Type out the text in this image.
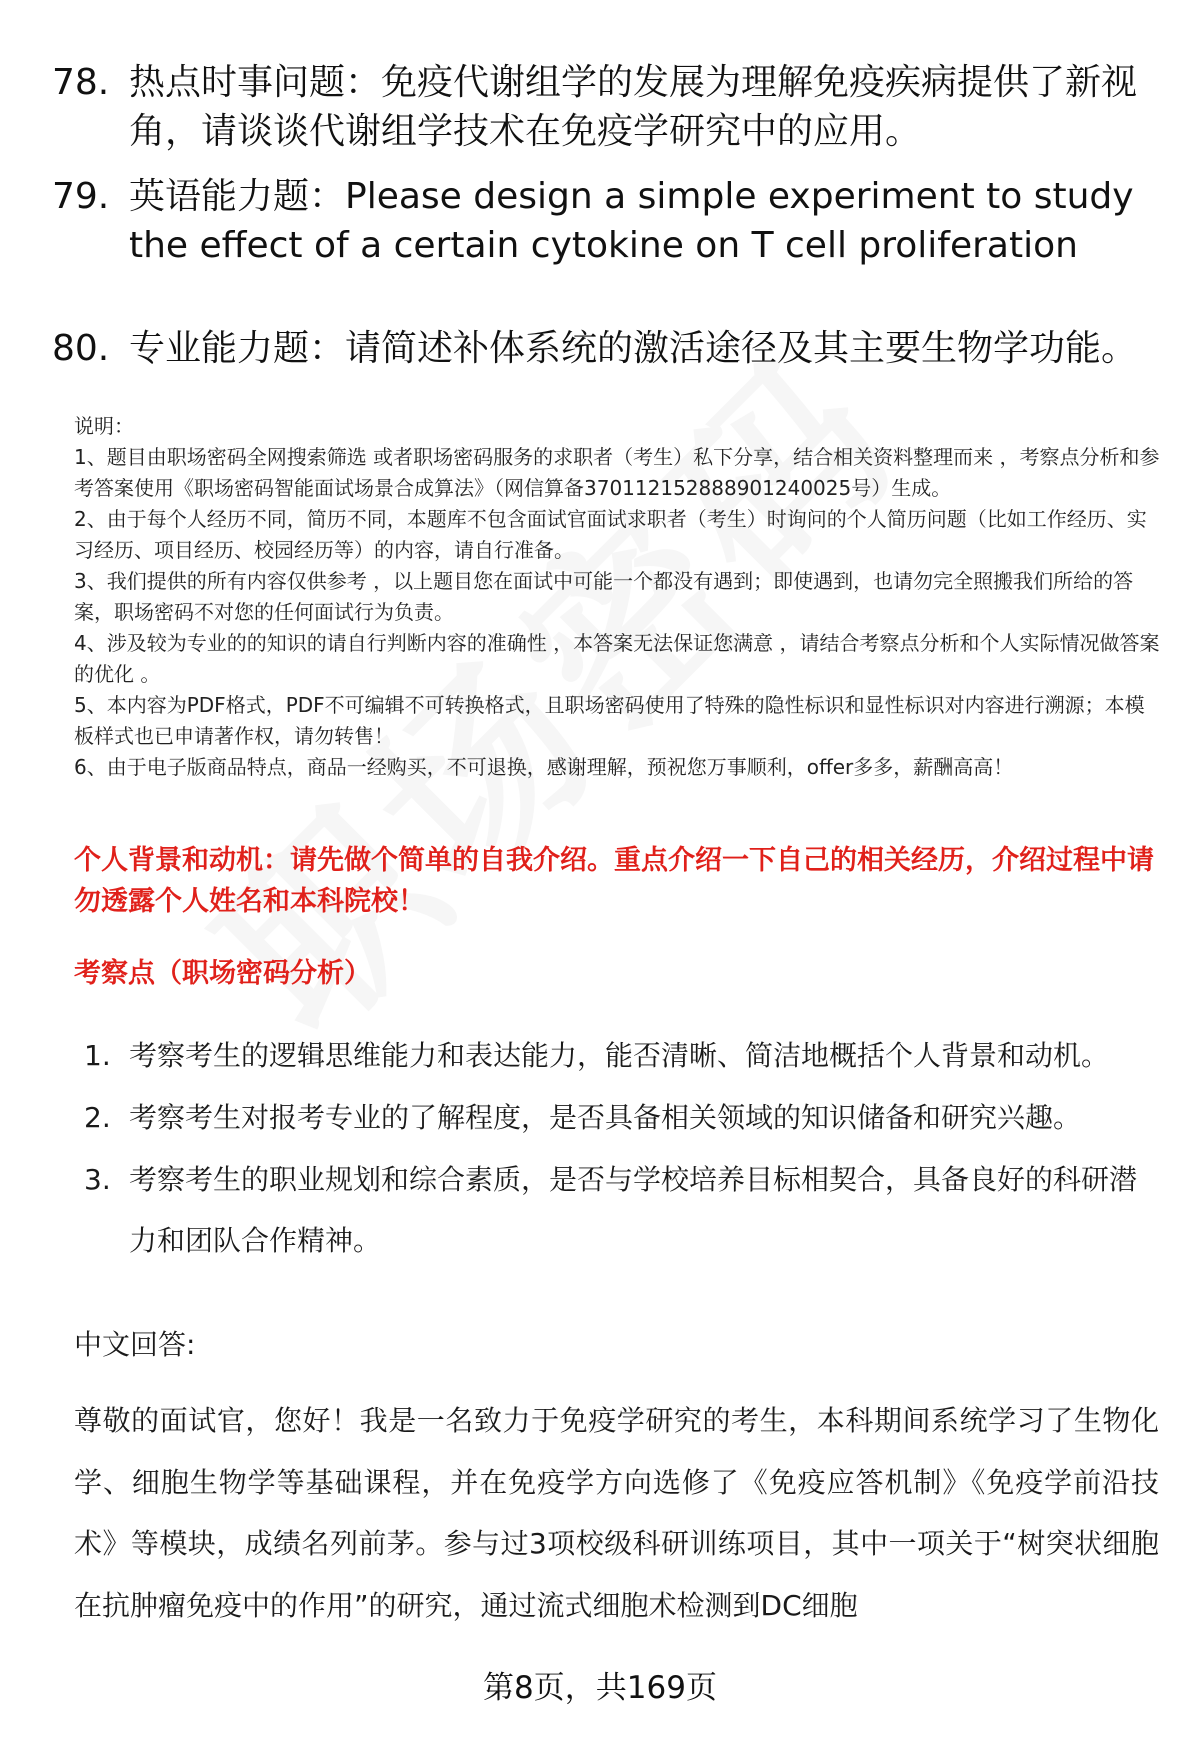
78. 热点时事问题：免疫代谢组学的发展为理解免疫疾病提供了新视角，请谈谈代谢组学技术在免疫学研究中的应用。
79. 英语能力题：Please design a simple experiment to study the effect of a certain cytokine on T cell proliferation
80. 专业能力题：请简述补体系统的激活途径及其主要生物学功能。

说明：

1、题目由职场密码全网搜索筛选 或者职场密码服务的求职者（考生）私下分享，结合相关资料整理而来 ，考察点分析和参考答案使用《职场密码智能面试场景合成算法》（网信算备370112152888901240025号）生成。

2、由于每个人经历不同，简历不同，本题库不包含面试官面试求职者（考生）时询问的个人简历问题（比如工作经历、实习经历、项目经历、校园经历等）的内容，请自行准备。

3、我们提供的所有内容仅供参考 ，以上题目您在面试中可能一个都没有遇到；即使遇到，也请勿完全照搬我们所给的答案，职场密码不对您的任何面试行为负责。

4、涉及较为专业的的知识的请自行判断内容的准确性 ，本答案无法保证您满意 ，请结合考察点分析和个人实际情况做答案的优化 。

5、本内容为PDF格式，PDF不可编辑不可转换格式，且职场密码使用了特殊的隐性标识和显性标识对内容进行溯源；本模板样式也已申请著作权，请勿转售！

6、由于电子版商品特点，商品一经购买，不可退换，感谢理解，预祝您万事顺利，offer多多，薪酬高高！

个人背景和动机：请先做个简单的自我介绍。重点介绍一下自己的相关经历，介绍过程中请勿透露个人姓名和本科院校！
考察点（职场密码分析）
1. 考察考生的逻辑思维能力和表达能力，能否清晰、简洁地概括个人背景和动机。
2. 考察考生对报考专业的了解程度，是否具备相关领域的知识储备和研究兴趣。
3. 考察考生的职业规划和综合素质，是否与学校培养目标相契合，具备良好的科研潜力和团队合作精神。
中文回答:
尊敬的面试官，您好！我是一名致力于免疫学研究的考生，本科期间系统学习了生物化学、细胞生物学等基础课程，并在免疫学方向选修了《免疫应答机制》《免疫学前沿技术》等模块，成绩名列前茅。参与过3项校级科研训练项目，其中一项关于“树突状细胞在抗肿瘤免疫中的作用”的研究，通过流式细胞术检测到DC细胞
第8页，共169页
